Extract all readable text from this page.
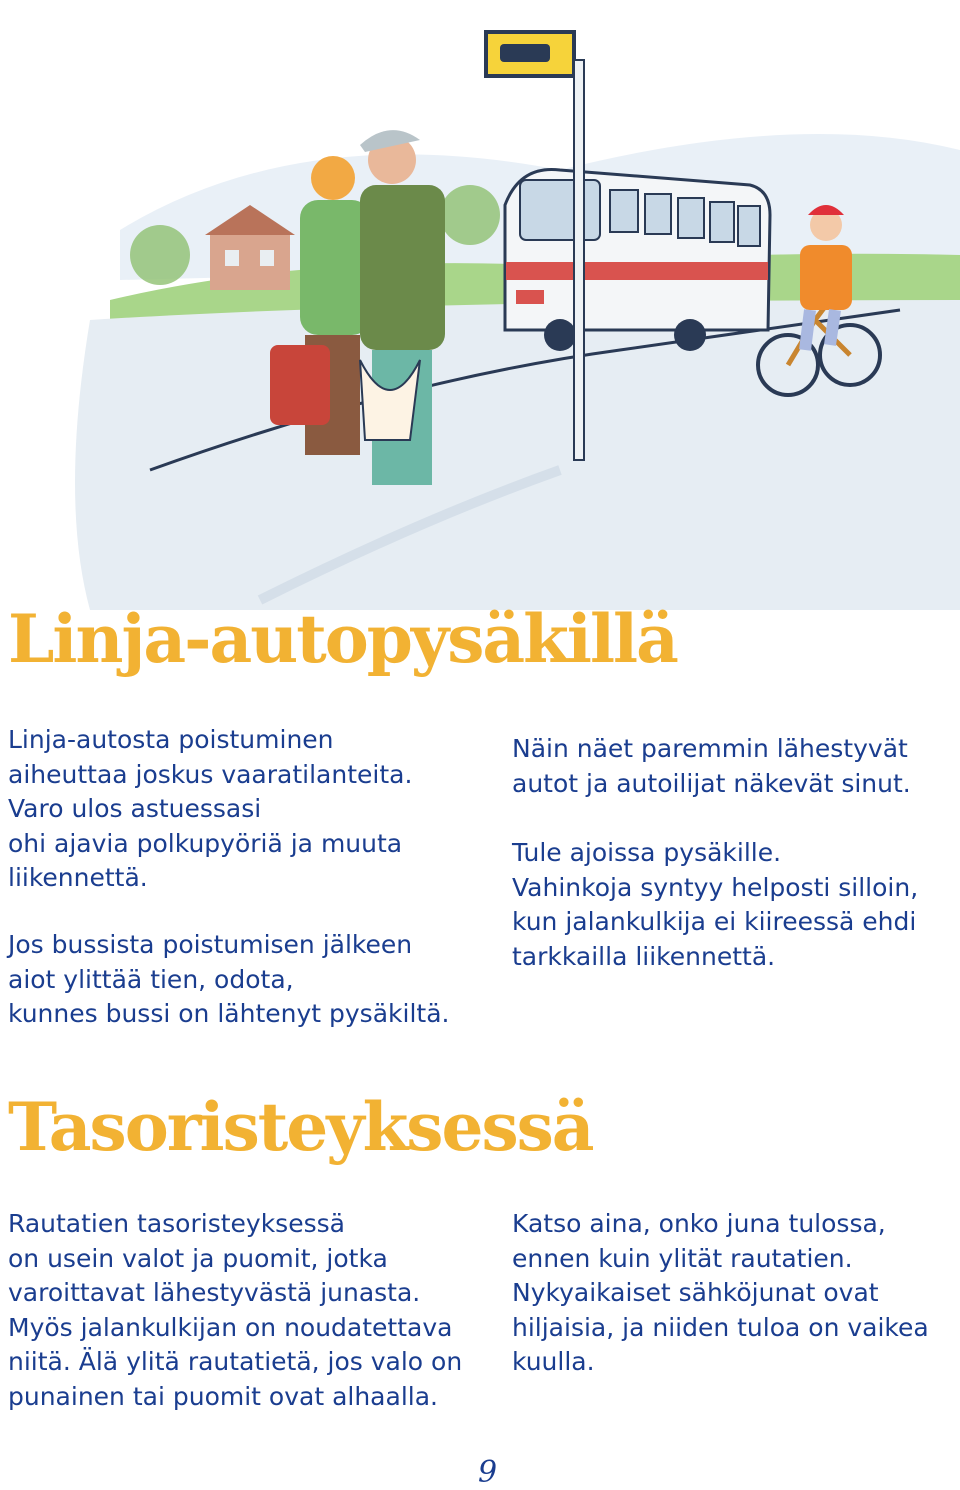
Linja-autopysäkillä
Linja-autosta poistuminen
aiheuttaa joskus vaaratilanteita.
Varo ulos astuessasi
ohi ajavia polkupyöriä ja muuta
liikennettä.
Jos bussista poistumisen jälkeen
aiot ylittää tien, odota,
kunnes bussi on lähtenyt pysäkiltä.
Näin näet paremmin lähestyvät
autot ja autoilijat näkevät sinut.
Tule ajoissa pysäkille.
Vahinkoja syntyy helposti silloin,
kun jalankulkija ei kiireessä ehdi
tarkkailla liikennettä.
Tasoristeyksessä
Rautatien tasoristeyksessä
on usein valot ja puomit, jotka
varoittavat lähestyvästä junasta.
Myös jalankulkijan on noudatettava
niitä. Älä ylitä rautatietä, jos valo on
punainen tai puomit ovat alhaalla.
Katso aina, onko juna tulossa,
ennen kuin ylität rautatien.
Nykyaikaiset sähköjunat ovat
hiljaisia, ja niiden tuloa on vaikea
kuulla.
9
